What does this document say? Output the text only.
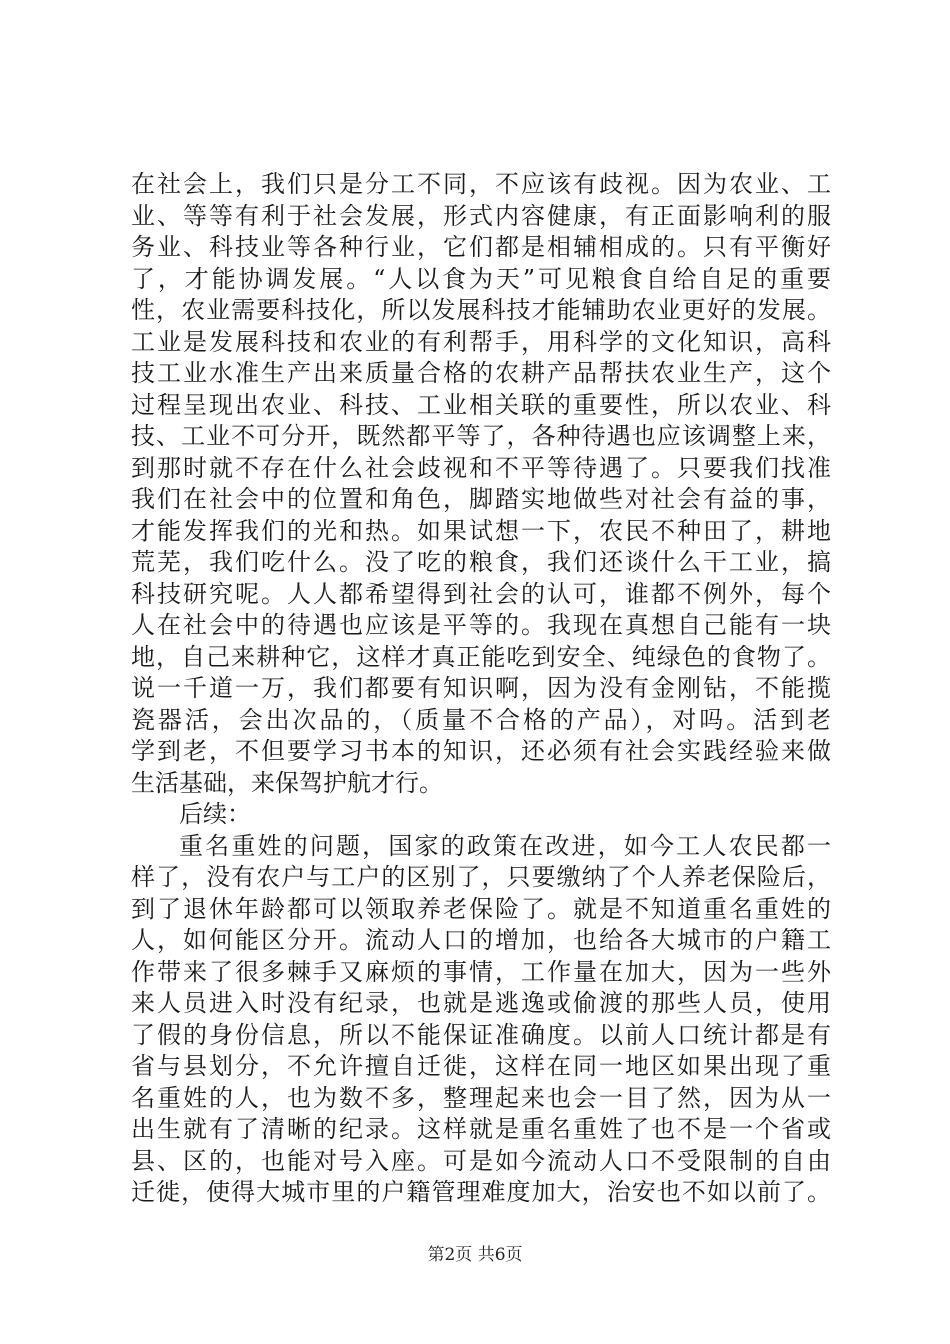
在社会上，我们只是分工不同，不应该有歧视。因为农业、工
业、等等有利于社会发展，形式内容健康，有正面影响利的服
务业、科技业等各种行业，它们都是相辅相成的。只有平衡好
了，才能协调发展。“人以食为天”可见粮食自给自足的重要
性，农业需要科技化，所以发展科技才能辅助农业更好的发展。
工业是发展科技和农业的有利帮手，用科学的文化知识，高科
技工业水准生产出来质量合格的农耕产品帮扶农业生产，这个
过程呈现出农业、科技、工业相关联的重要性，所以农业、科
技、工业不可分开，既然都平等了，各种待遇也应该调整上来，
到那时就不存在什么社会歧视和不平等待遇了。只要我们找准
我们在社会中的位置和角色，脚踏实地做些对社会有益的事，
才能发挥我们的光和热。如果试想一下，农民不种田了，耕地
荒芜，我们吃什么。没了吃的粮食，我们还谈什么干工业，搞
科技研究呢。人人都希望得到社会的认可，谁都不例外，每个
人在社会中的待遇也应该是平等的。我现在真想自己能有一块
地，自己来耕种它，这样才真正能吃到安全、纯绿色的食物了。
说一千道一万，我们都要有知识啊，因为没有金刚钻，不能揽
瓷器活，会出次品的，（质量不合格的产品），对吗。活到老
学到老，不但要学习书本的知识，还必须有社会实践经验来做
生活基础，来保驾护航才行。
后续：
重名重姓的问题，国家的政策在改进，如今工人农民都一
样了，没有农户与工户的区别了，只要缴纳了个人养老保险后，
到了退休年龄都可以领取养老保险了。就是不知道重名重姓的
人，如何能区分开。流动人口的增加，也给各大城市的户籍工
作带来了很多棘手又麻烦的事情，工作量在加大，因为一些外
来人员进入时没有纪录，也就是逃逸或偷渡的那些人员，使用
了假的身份信息，所以不能保证准确度。以前人口统计都是有
省与县划分，不允许擅自迁徙，这样在同一地区如果出现了重
名重姓的人，也为数不多，整理起来也会一目了然，因为从一
出生就有了清晰的纪录。这样就是重名重姓了也不是一个省或
县、区的，也能对号入座。可是如今流动人口不受限制的自由
迁徙，使得大城市里的户籍管理难度加大，治安也不如以前了。
第2页 共6页
